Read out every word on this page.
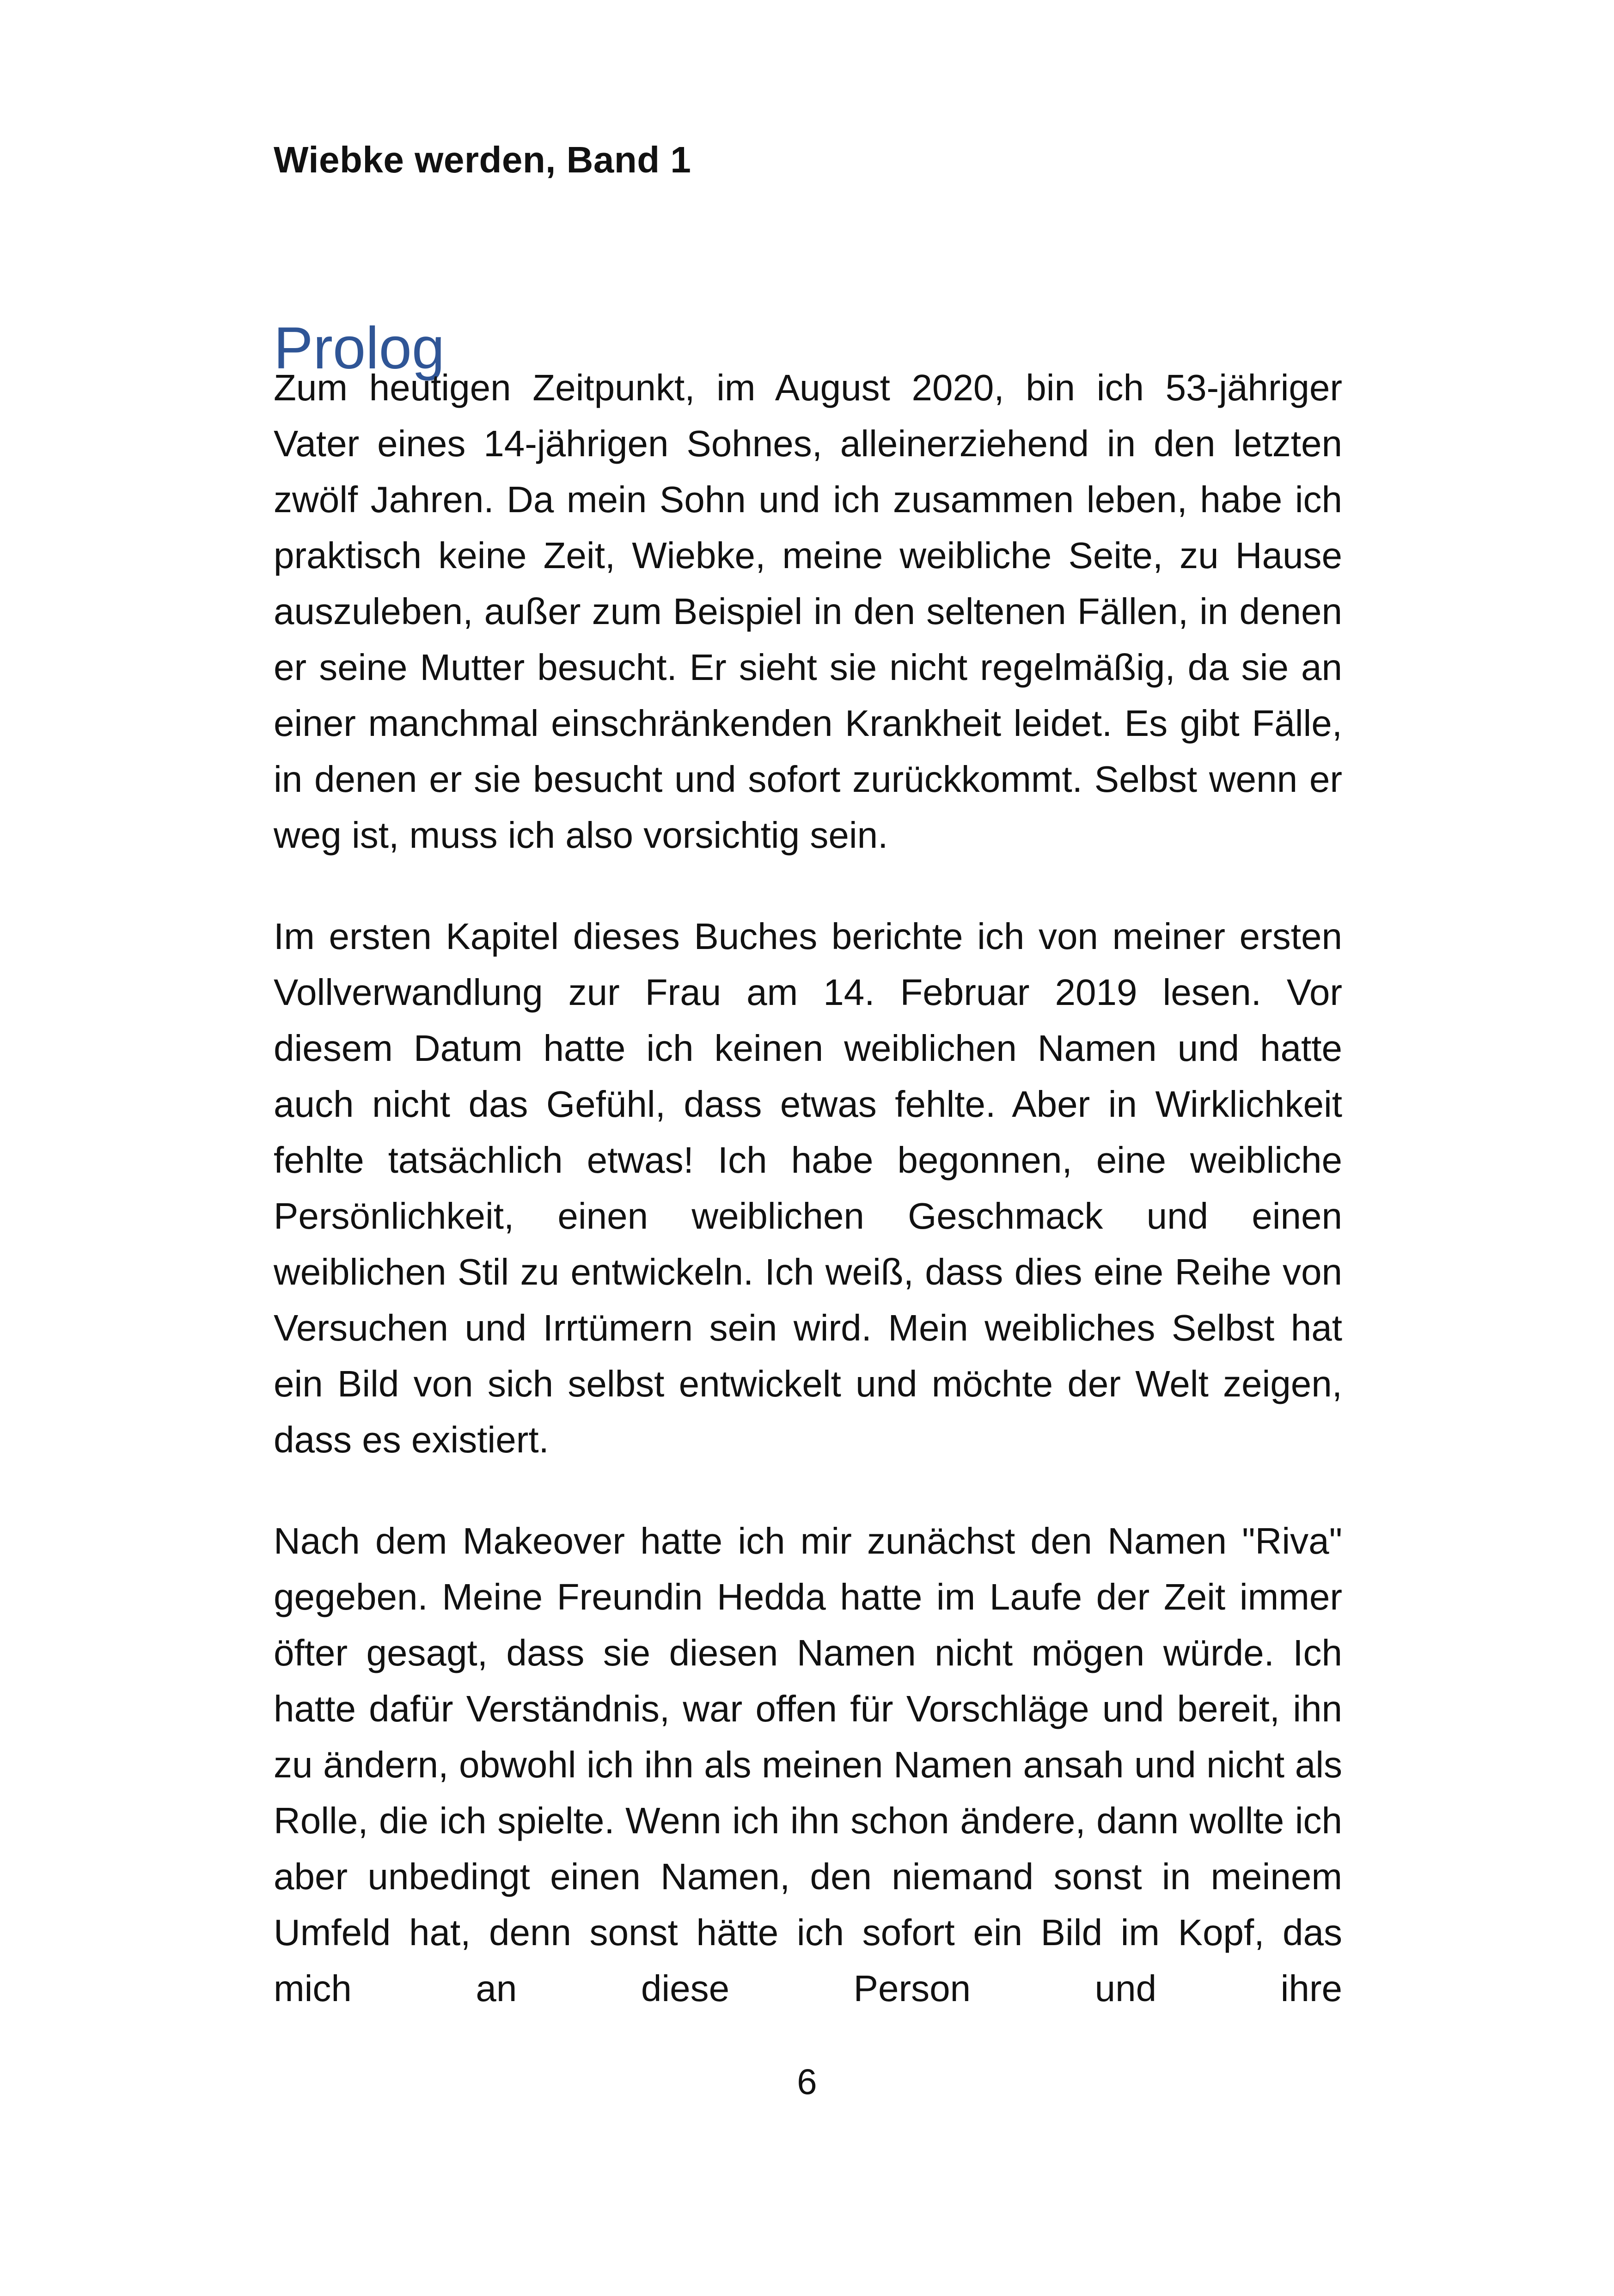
Wiebke werden, Band 1
Prolog

Zum heutigen Zeitpunkt, im August 2020, bin ich 53-jähriger Vater eines 14-jährigen Sohnes, alleinerziehend in den letzten zwölf Jahren. Da mein Sohn und ich zusammen leben, habe ich praktisch keine Zeit, Wiebke, meine weibliche Seite, zu Hause auszuleben, außer zum Beispiel in den seltenen Fällen, in denen er seine Mutter besucht. Er sieht sie nicht regelmäßig, da sie an einer manchmal einschränkenden Krankheit leidet. Es gibt Fälle, in denen er sie besucht und sofort zurückkommt. Selbst wenn er weg ist, muss ich also vorsichtig sein.

Im ersten Kapitel dieses Buches berichte ich von meiner ersten Vollverwandlung zur Frau am 14. Februar 2019 lesen. Vor diesem Datum hatte ich keinen weiblichen Namen und hatte auch nicht das Gefühl, dass etwas fehlte. Aber in Wirklichkeit fehlte tatsächlich etwas! Ich habe begonnen, eine weibliche Persönlichkeit, einen weiblichen Geschmack und einen weiblichen Stil zu entwickeln. Ich weiß, dass dies eine Reihe von Versuchen und Irrtümern sein wird. Mein weibliches Selbst hat ein Bild von sich selbst entwickelt und möchte der Welt zeigen, dass es existiert.

Nach dem Makeover hatte ich mir zunächst den Namen "Riva" gegeben. Meine Freundin Hedda hatte im Laufe der Zeit immer öfter gesagt, dass sie diesen Namen nicht mögen würde. Ich hatte dafür Verständnis, war offen für Vorschläge und bereit, ihn zu ändern, obwohl ich ihn als meinen Namen ansah und nicht als Rolle, die ich spielte. Wenn ich ihn schon ändere, dann wollte ich aber unbedingt einen Namen, den niemand sonst in meinem Umfeld hat, denn sonst hätte ich sofort ein Bild im Kopf, das mich an diese Person und ihre

6
